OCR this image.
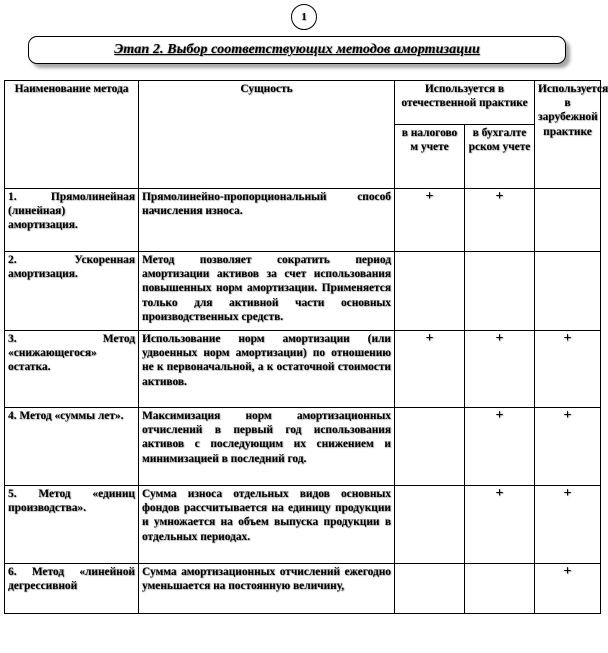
1
Этап 2. Выбор соответствующих методов амортизации
Наименование метода	Сущность	Используется в отечественной практике		Используется в зарубежной практике
		в налогово м учете	в бухгалте рском учете	
1. Прямолинейная (линейная) амортизация.	Прямолинейно-пропорциональный способ начисления износа.	+	+	
2. Ускоренная амортизация.	Метод позволяет сократить период амортизации активов за счет использования повышенных норм амортизации. Применяется только для активной части основных производственных средств.			
3. Метод «снижающегося» остатка.	Использование норм амортизации (или удвоенных норм амортизации) по отношению не к первоначальной, а к остаточной стоимости активов.	+	+	+
4. Метод «суммы лет».	Максимизация норм амортизационных отчислений в первый год использования активов с последующим их снижением и минимизацией в последний год.		+	+
5. Метод «единиц производства».	Сумма износа отдельных видов основных фондов рассчитывается на единицу продукции и умножается на объем выпуска продукции в отдельных периодах.		+	+
6. Метод «линейной дегрессивной	Сумма амортизационных отчислений ежегодно уменьшается на постоянную величину,			+
